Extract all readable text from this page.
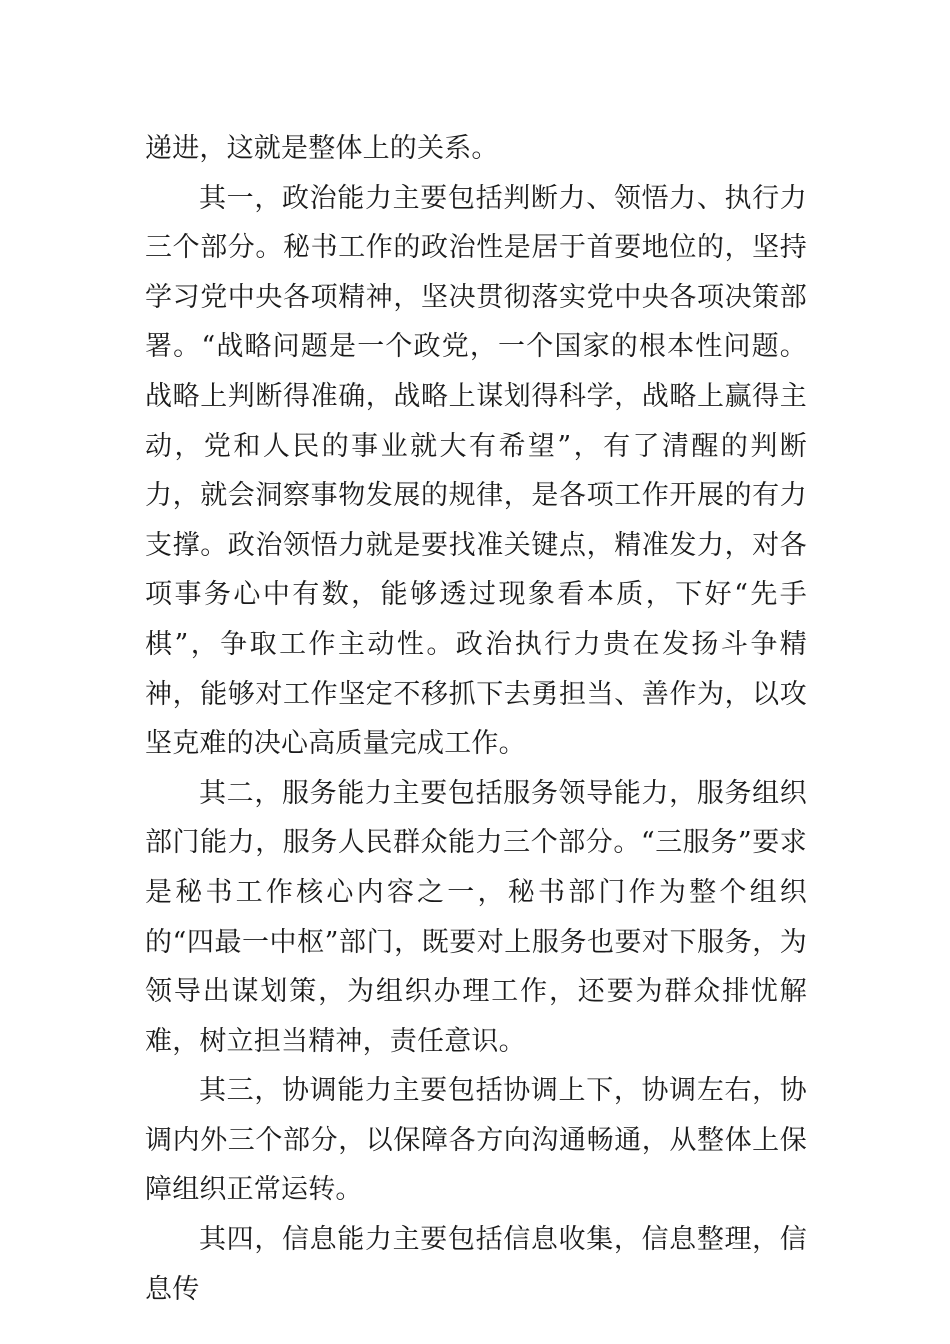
递进，这就是整体上的关系。

其一，政治能力主要包括判断力、领悟力、执行力三个部分。秘书工作的政治性是居于首要地位的，坚持学习党中央各项精神，坚决贯彻落实党中央各项决策部署。“战略问题是一个政党，一个国家的根本性问题。战略上判断得准确，战略上谋划得科学，战略上赢得主动，党和人民的事业就大有希望”，有了清醒的判断力，就会洞察事物发展的规律，是各项工作开展的有力支撑。政治领悟力就是要找准关键点，精准发力，对各项事务心中有数，能够透过现象看本质，下好“先手棋”，争取工作主动性。政治执行力贵在发扬斗争精神，能够对工作坚定不移抓下去勇担当、善作为，以攻坚克难的决心高质量完成工作。

其二，服务能力主要包括服务领导能力，服务组织部门能力，服务人民群众能力三个部分。“三服务”要求是秘书工作核心内容之一，秘书部门作为整个组织的“四最一中枢”部门，既要对上服务也要对下服务，为领导出谋划策，为组织办理工作，还要为群众排忧解难，树立担当精神，责任意识。

其三，协调能力主要包括协调上下，协调左右，协调内外三个部分，以保障各方向沟通畅通，从整体上保障组织正常运转。

其四，信息能力主要包括信息收集，信息整理，信息传
